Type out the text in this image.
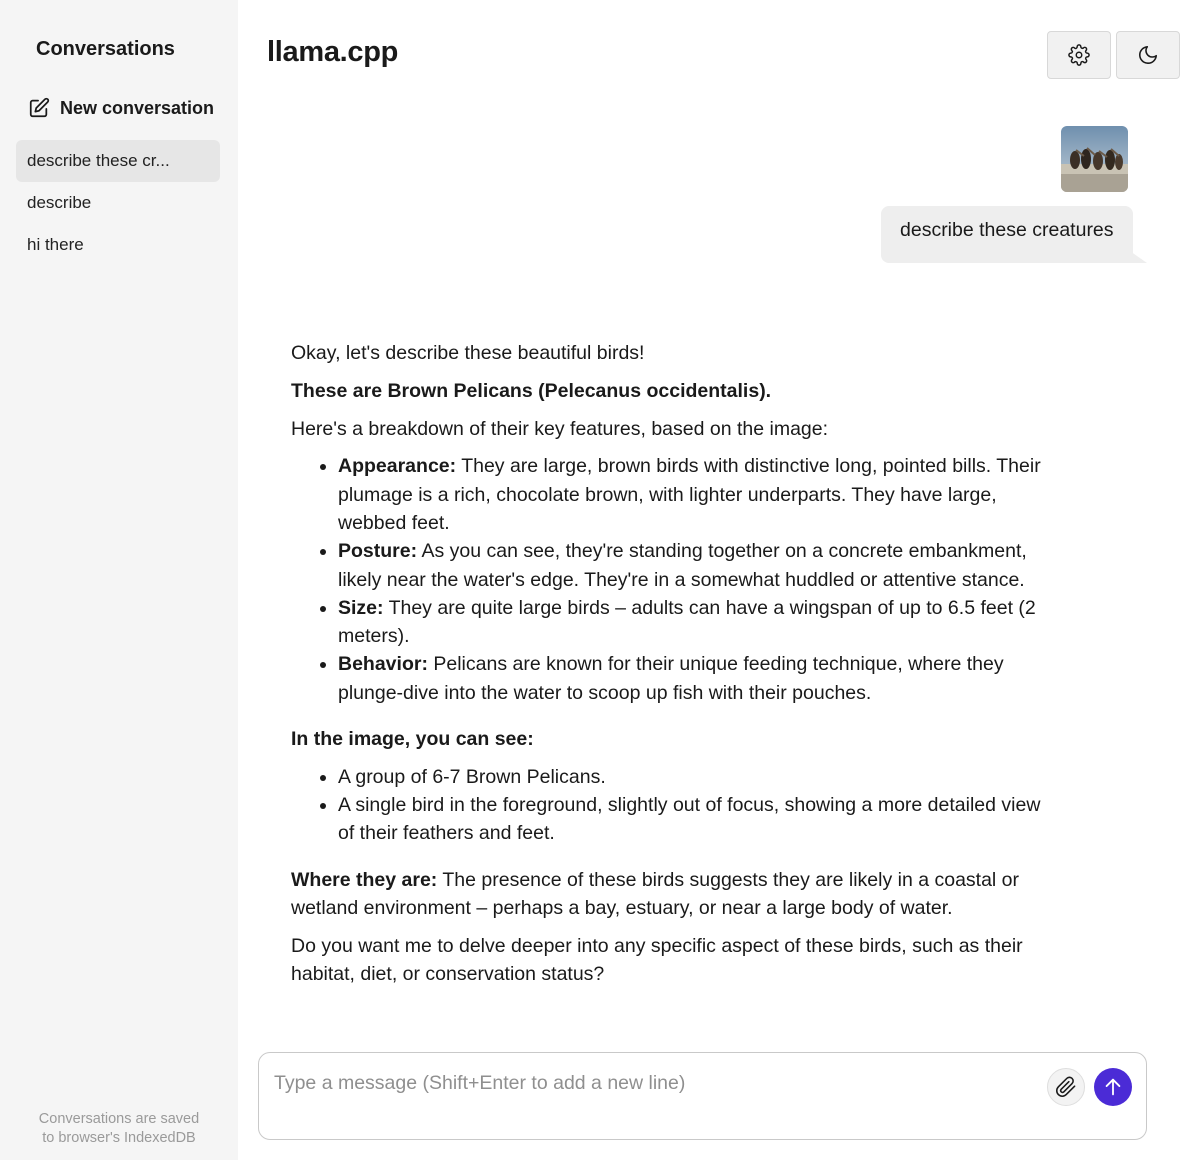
Conversations
New conversation
describe these cr...
describe
hi there
Conversations are saved
to browser's IndexedDB
llama.cpp
describe these creatures

Okay, let's describe these beautiful birds!

These are Brown Pelicans (Pelecanus occidentalis).

Here's a breakdown of their key features, based on the image:

• Appearance: They are large, brown birds with distinctive long, pointed bills. Their plumage is a rich, chocolate brown, with lighter underparts. They have large, webbed feet.
• Posture: As you can see, they're standing together on a concrete embankment, likely near the water's edge. They're in a somewhat huddled or attentive stance.
• Size: They are quite large birds – adults can have a wingspan of up to 6.5 feet (2 meters).
• Behavior: Pelicans are known for their unique feeding technique, where they plunge-dive into the water to scoop up fish with their pouches.

In the image, you can see:

• A group of 6-7 Brown Pelicans.
• A single bird in the foreground, slightly out of focus, showing a more detailed view of their feathers and feet.

Where they are: The presence of these birds suggests they are likely in a coastal or wetland environment – perhaps a bay, estuary, or near a large body of water.

Do you want me to delve deeper into any specific aspect of these birds, such as their habitat, diet, or conservation status?

Type a message (Shift+Enter to add a new line)
